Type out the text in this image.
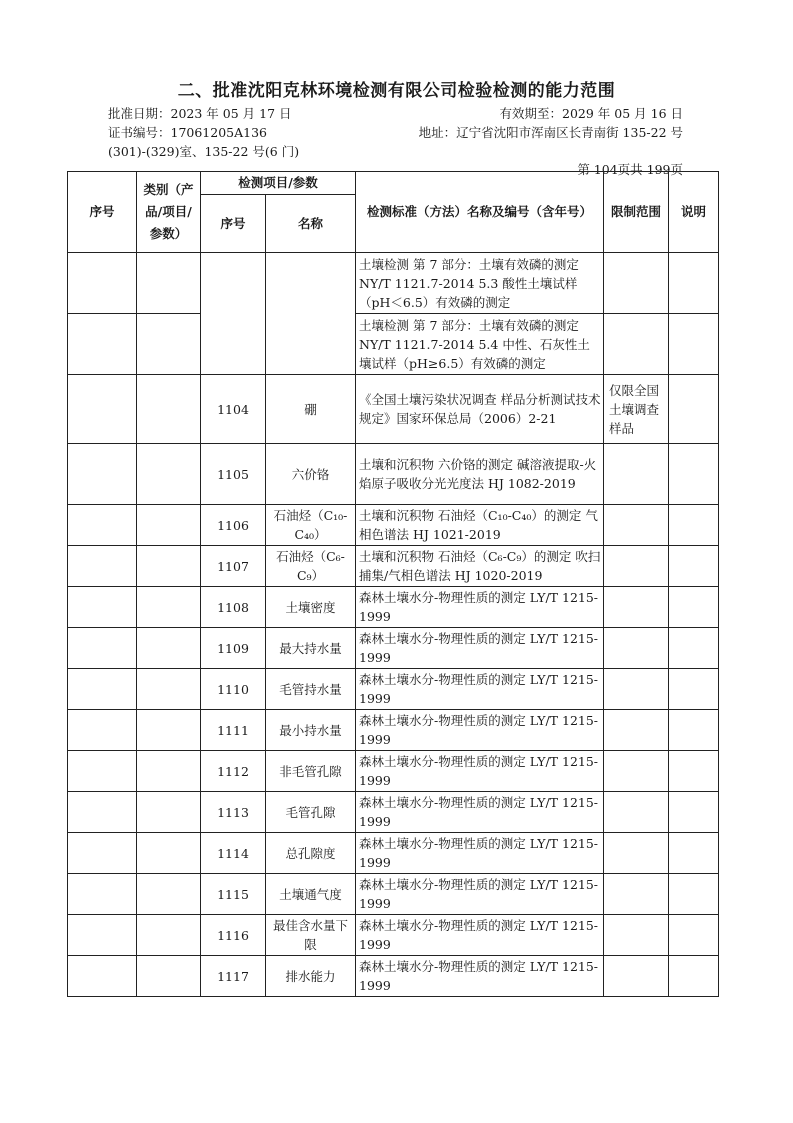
二、批准沈阳克林环境检测有限公司检验检测的能力范围
批准日期：2023 年 05 月 17 日	有效期至：2029 年 05 月 16 日
证书编号：17061205A136	地址：辽宁省沈阳市浑南区长青南街 135-22 号
(301)-(329)室、135-22 号(6 门)
第 104页共 199页
序号	类别（产品/项目/参数）	检测项目/参数		检测标准（方法）名称及编号（含年号）	限制范围	说明
		序号	名称			
				土壤检测 第 7 部分：土壤有效磷的测定 NY/T 1121.7-2014 5.3 酸性土壤试样（pH＜6.5）有效磷的测定		
				土壤检测 第 7 部分：土壤有效磷的测定 NY/T 1121.7-2014 5.4 中性、石灰性土壤试样（pH≥6.5）有效磷的测定		
		1104	硼	《全国土壤污染状况调查 样品分析测试技术规定》国家环保总局（2006）2-21	仅限全国土壤调查样品	
		1105	六价铬	土壤和沉积物 六价铬的测定 碱溶液提取-火焰原子吸收分光光度法 HJ 1082-2019		
		1106	石油烃（C₁₀-C₄₀）	土壤和沉积物 石油烃（C₁₀-C₄₀）的测定 气相色谱法 HJ 1021-2019		
		1107	石油烃（C₆-C₉）	土壤和沉积物 石油烃（C₆-C₉）的测定 吹扫捕集/气相色谱法 HJ 1020-2019		
		1108	土壤密度	森林土壤水分-物理性质的测定 LY/T 1215-1999		
		1109	最大持水量	森林土壤水分-物理性质的测定 LY/T 1215-1999		
		1110	毛管持水量	森林土壤水分-物理性质的测定 LY/T 1215-1999		
		1111	最小持水量	森林土壤水分-物理性质的测定 LY/T 1215-1999		
		1112	非毛管孔隙	森林土壤水分-物理性质的测定 LY/T 1215-1999		
		1113	毛管孔隙	森林土壤水分-物理性质的测定 LY/T 1215-1999		
		1114	总孔隙度	森林土壤水分-物理性质的测定 LY/T 1215-1999		
		1115	土壤通气度	森林土壤水分-物理性质的测定 LY/T 1215-1999		
		1116	最佳含水量下限	森林土壤水分-物理性质的测定 LY/T 1215-1999		
		1117	排水能力	森林土壤水分-物理性质的测定 LY/T 1215-1999		
